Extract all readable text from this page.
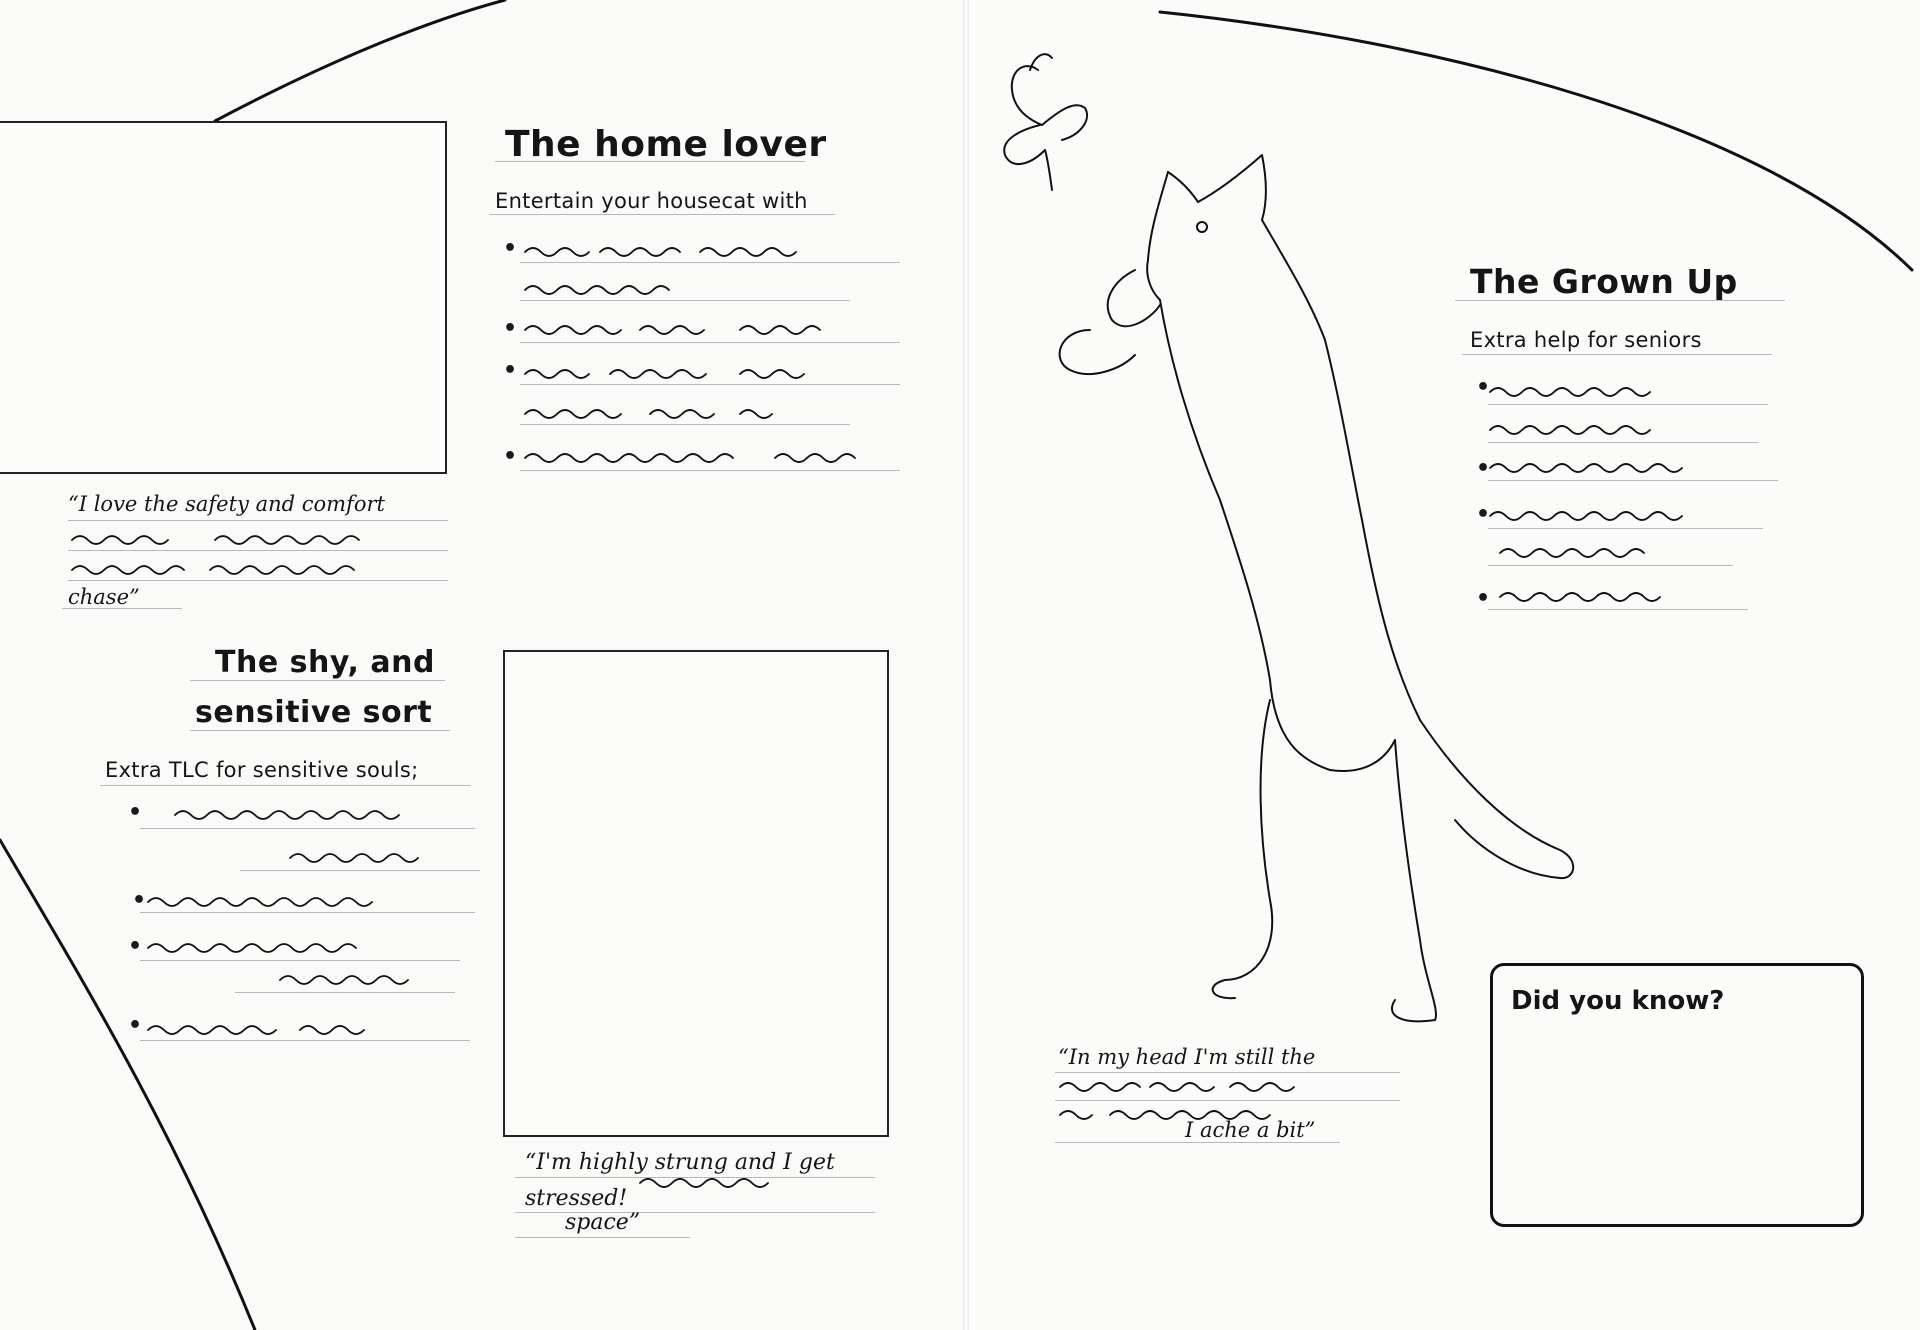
The home lover
Entertain your housecat with
•
•
•
•
“I love the safety and comfort
chase”
The shy, and
sensitive sort
Extra TLC for sensitive souls;
•
•
•
•
“I'm highly strung and I get
stressed!
space”
The Grown Up
Extra help for seniors
•
•
•
•
“In my head I'm still the
I ache a bit”
Did you know?
